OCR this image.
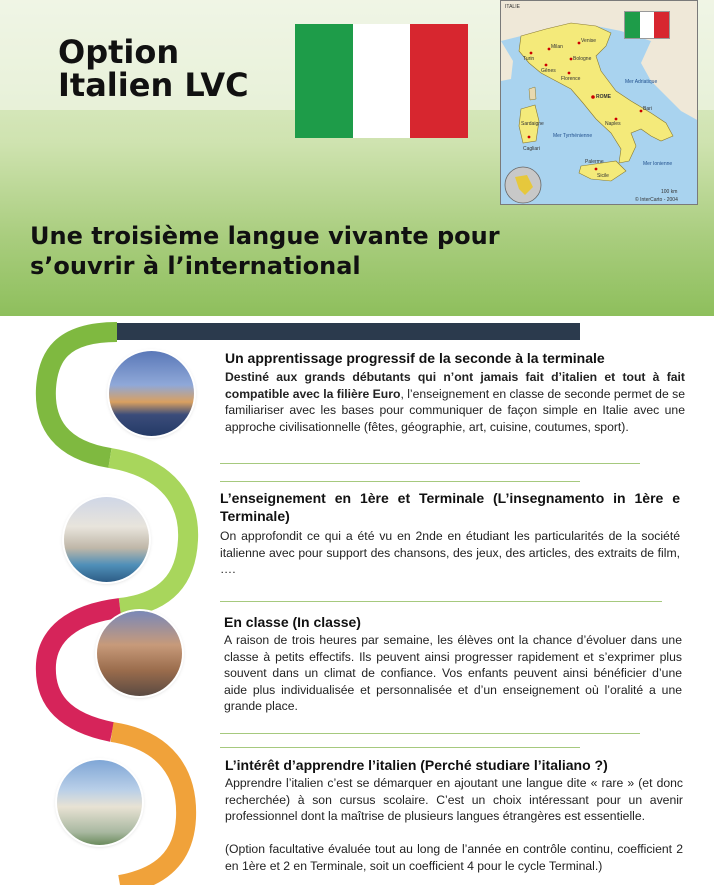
Option
Italien LVC
ITALIE
Milan
Venise
Turin
Gênes
Bologne
Florence
ROME
Naples
Bari
Palerme
Cagliari
Sardaigne
Sicile
Mer Adriatique
Mer Tyrrhénienne
Mer Ionienne
100 km
© InterCarto - 2004
Une troisième langue vivante pour
s’ouvrir à l’international
Un apprentissage progressif de la seconde à la terminale
Destiné aux grands débutants qui n’ont jamais fait d’italien et tout à fait compatible avec la filière Euro, l’enseignement en classe de seconde permet de se familiariser avec les bases pour communiquer de façon simple en Italie avec une approche civilisationnelle (fêtes, géographie, art, cuisine, coutumes, sport).
L’enseignement en 1ère et Terminale (L’insegnamento in 1ère e Terminale)
On approfondit ce qui a été vu en 2nde en étudiant les particularités de la société italienne avec pour support des chansons, des jeux, des articles, des extraits de film, ….
En classe (In classe)
A raison de trois heures par semaine, les élèves ont la chance d’évoluer dans une classe à petits effectifs. Ils peuvent ainsi progresser rapidement et s’exprimer plus souvent dans un climat de confiance. Vos enfants peuvent ainsi bénéficier d’une aide plus individualisée et personnalisée et d’un enseignement où l’oralité a une grande place.
L’intérêt d’apprendre l’italien (Perché studiare l’italiano ?)
Apprendre l’italien c’est se démarquer en ajoutant une langue dite « rare » (et donc recherchée) à son cursus scolaire. C’est un choix intéressant pour un avenir professionnel dont la maîtrise de plusieurs langues étrangères est essentielle.
(Option facultative évaluée tout au long de l’année en contrôle continu, coefficient 2 en 1ère et 2 en Terminale, soit un coefficient 4 pour le cycle Terminal.)
